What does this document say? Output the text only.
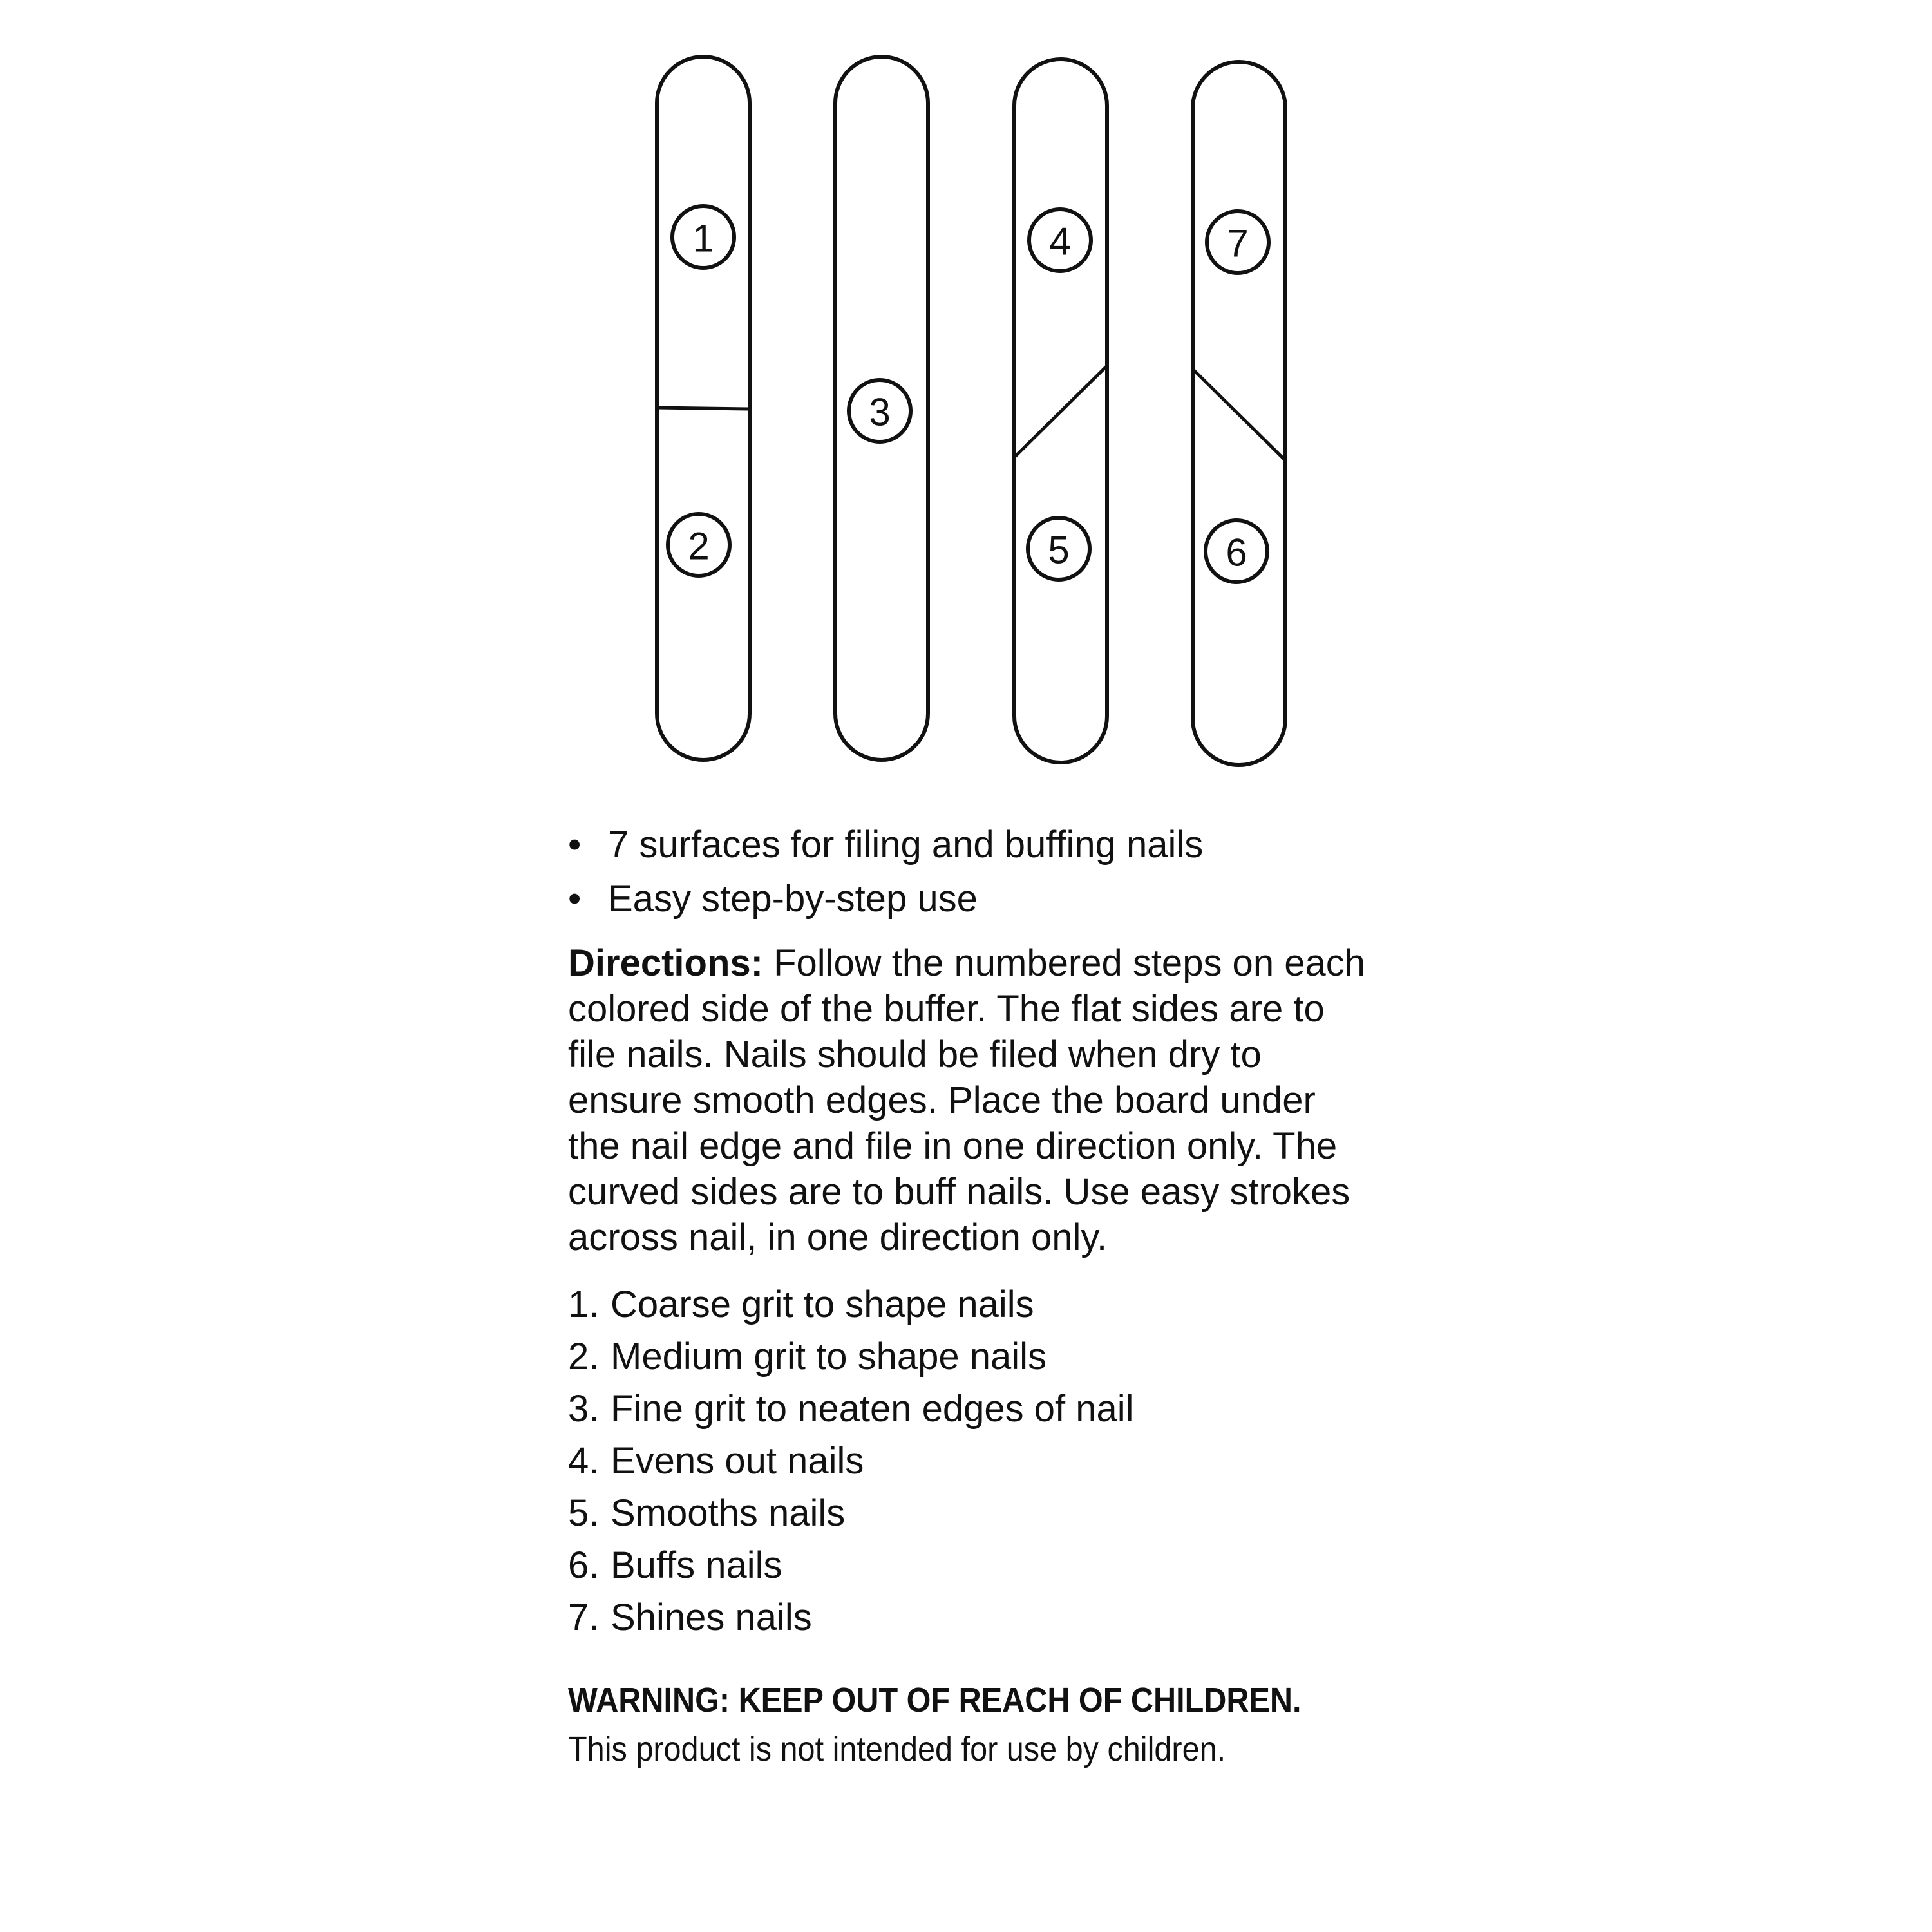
1
2
3
4
5
7
6
• 7 surfaces for filing and buffing nails
• Easy step-by-step use

Directions: Follow the numbered steps on each colored side of the buffer. The flat sides are to file nails. Nails should be filed when dry to ensure smooth edges. Place the board under the nail edge and file in one direction only. The curved sides are to buff nails. Use easy strokes across nail, in one direction only.

1. Coarse grit to shape nails
2. Medium grit to shape nails
3. Fine grit to neaten edges of nail
4. Evens out nails
5. Smooths nails
6. Buffs nails
7. Shines nails
WARNING: KEEP OUT OF REACH OF CHILDREN.
This product is not intended for use by children.
